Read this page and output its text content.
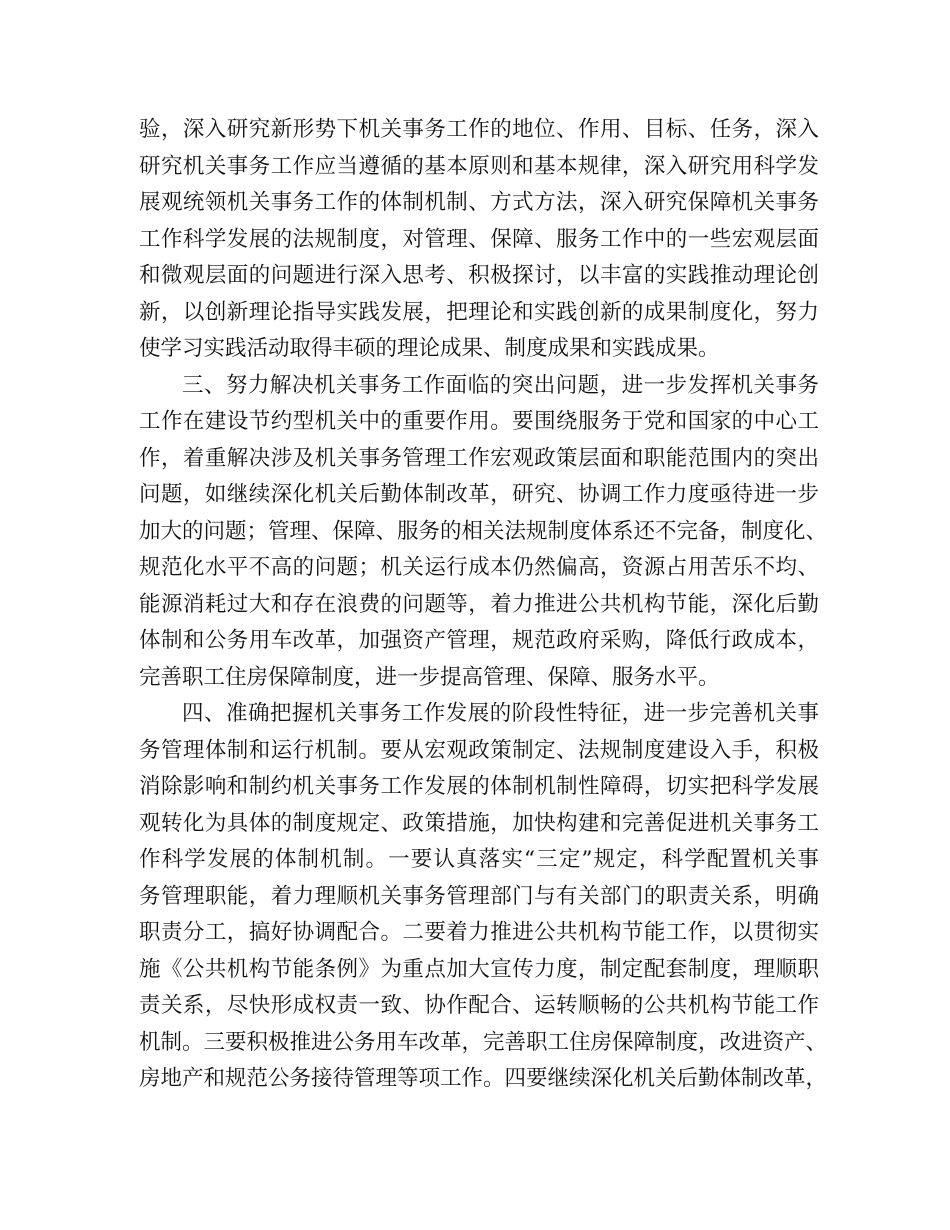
验，深入研究新形势下机关事务工作的地位、作用、目标、任务，深入
研究机关事务工作应当遵循的基本原则和基本规律，深入研究用科学发
展观统领机关事务工作的体制机制、方式方法，深入研究保障机关事务
工作科学发展的法规制度，对管理、保障、服务工作中的一些宏观层面
和微观层面的问题进行深入思考、积极探讨，以丰富的实践推动理论创
新，以创新理论指导实践发展，把理论和实践创新的成果制度化，努力
使学习实践活动取得丰硕的理论成果、制度成果和实践成果。
三、努力解决机关事务工作面临的突出问题，进一步发挥机关事务
工作在建设节约型机关中的重要作用。要围绕服务于党和国家的中心工
作，着重解决涉及机关事务管理工作宏观政策层面和职能范围内的突出
问题，如继续深化机关后勤体制改革，研究、协调工作力度亟待进一步
加大的问题；管理、保障、服务的相关法规制度体系还不完备，制度化、
规范化水平不高的问题；机关运行成本仍然偏高，资源占用苦乐不均、
能源消耗过大和存在浪费的问题等，着力推进公共机构节能，深化后勤
体制和公务用车改革，加强资产管理，规范政府采购，降低行政成本，
完善职工住房保障制度，进一步提高管理、保障、服务水平。
四、准确把握机关事务工作发展的阶段性特征，进一步完善机关事
务管理体制和运行机制。要从宏观政策制定、法规制度建设入手，积极
消除影响和制约机关事务工作发展的体制机制性障碍，切实把科学发展
观转化为具体的制度规定、政策措施，加快构建和完善促进机关事务工
作科学发展的体制机制。一要认真落实“三定”规定，科学配置机关事
务管理职能，着力理顺机关事务管理部门与有关部门的职责关系，明确
职责分工，搞好协调配合。二要着力推进公共机构节能工作，以贯彻实
施《公共机构节能条例》为重点加大宣传力度，制定配套制度，理顺职
责关系，尽快形成权责一致、协作配合、运转顺畅的公共机构节能工作
机制。三要积极推进公务用车改革，完善职工住房保障制度，改进资产、
房地产和规范公务接待管理等项工作。四要继续深化机关后勤体制改革，
